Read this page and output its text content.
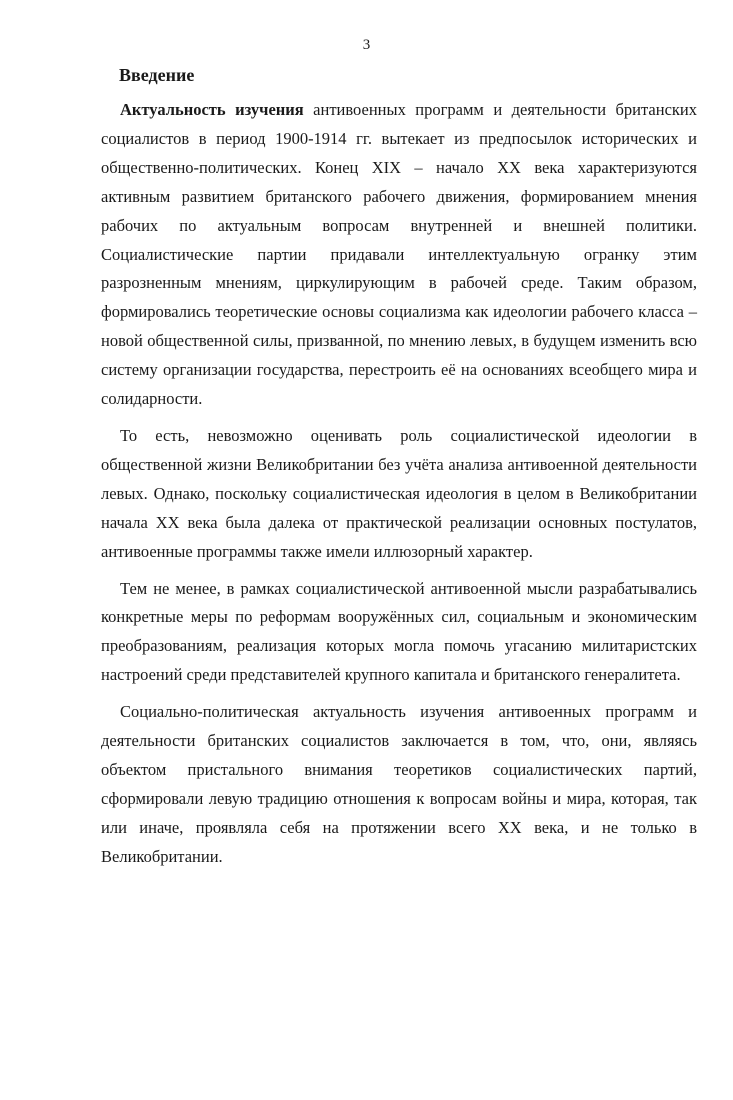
3
Введение

Актуальность изучения антивоенных программ и деятельности британских социалистов в период 1900-1914 гг. вытекает из предпосылок исторических и общественно-политических. Конец XIX – начало XX века характеризуются активным развитием британского рабочего движения, формированием мнения рабочих по актуальным вопросам внутренней и внешней политики. Социалистические партии придавали интеллектуальную огранку этим разрозненным мнениям, циркулирующим в рабочей среде. Таким образом, формировались теоретические основы социализма как идеологии рабочего класса – новой общественной силы, призванной, по мнению левых, в будущем изменить всю систему организации государства, перестроить её на основаниях всеобщего мира и солидарности.

То есть, невозможно оценивать роль социалистической идеологии в общественной жизни Великобритании без учёта анализа антивоенной деятельности левых. Однако, поскольку социалистическая идеология в целом в Великобритании начала XX века была далека от практической реализации основных постулатов, антивоенные программы также имели иллюзорный характер.

Тем не менее, в рамках социалистической антивоенной мысли разрабатывались конкретные меры по реформам вооружённых сил, социальным и экономическим преобразованиям, реализация которых могла помочь угасанию милитаристских настроений среди представителей крупного капитала и британского генералитета.

Социально-политическая актуальность изучения антивоенных программ и деятельности британских социалистов заключается в том, что, они, являясь объектом пристального внимания теоретиков социалистических партий, сформировали левую традицию отношения к вопросам войны и мира, которая, так или иначе, проявляла себя на протяжении всего XX века, и не только в Великобритании.
